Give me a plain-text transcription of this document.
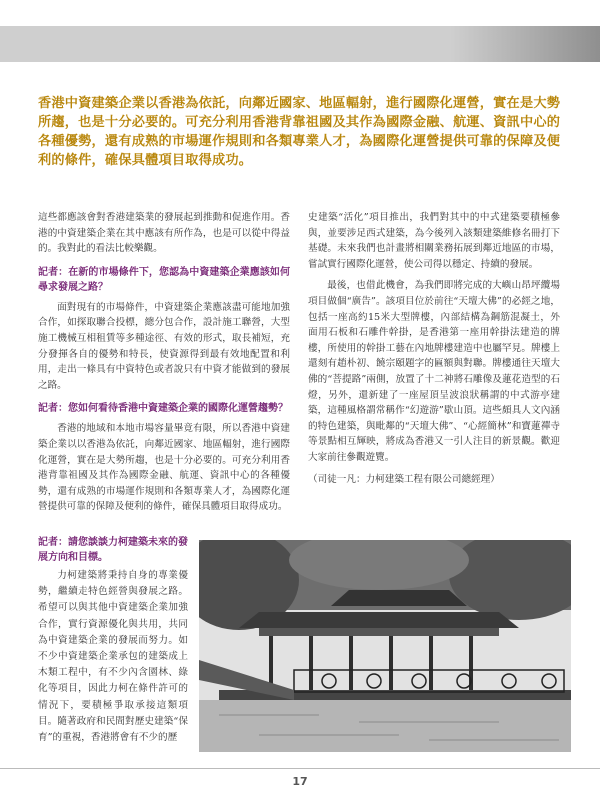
香港中資建築企業以香港為依託，向鄰近國家、地區輻射，進行國際化運營，實在是大勢所趨，也是十分必要的。可充分利用香港背靠祖國及其作為國際金融、航運、資訊中心的各種優勢，還有成熟的市場運作規則和各類專業人才，為國際化運營提供可靠的保障及便利的條件，確保具體項目取得成功。

這些都應該會對香港建築業的發展起到推動和促進作用。香港的中資建築企業在其中應該有所作為，也是可以從中得益的。我對此的看法比較樂觀。

記者：在新的市場條件下，您認為中資建築企業應該如何尋求發展之路？

面對現有的市場條件，中資建築企業應該盡可能地加強合作，如探取聯合投標，總分包合作，設計施工聯營，大型施工機械互相租賃等多種途徑、有效的形式，取長補短，充分發揮各自的優勢和特長，使資源得到最有效地配置和利用，走出一條具有中資特色或者說只有中資才能做到的發展之路。

記者：您如何看待香港中資建築企業的國際化運營趨勢？

香港的地域和本地市場容量畢竟有限，所以香港中資建築企業以以香港為依託，向鄰近國家、地區輻射，進行國際化運營，實在是大勢所趨，也是十分必要的。可充分利用香港背靠祖國及其作為國際金融、航運、資訊中心的各種優勢，還有成熟的市場運作規則和各類專業人才，為國際化運營提供可靠的保障及便利的條件，確保具體項目取得成功。

史建築“活化”項目推出，我們對其中的中式建築要積極參與，並要涉足西式建築，為今後列入該類建築維修名冊打下基礎。未來我們也計畫將相關業務拓展到鄰近地區的市場，嘗試實行國際化運營，使公司得以穩定、持續的發展。

最後，也借此機會，為我們即將完成的大嶼山昂坪纜場項目做個“廣告”。該項目位於前往“天壇大佛”的必經之地，包括一座高約15米大型牌樓，內部結構為鋼筋混凝土，外面用石板和石雕件幹掛，是香港第一座用幹掛法建造的牌樓，所使用的幹掛工藝在內地牌樓建造中也屬罕見。牌樓上還刻有趙朴初、饒宗頤題字的匾額與對聯。牌樓通往天壇大佛的“菩提路”兩側，放置了十二神將石雕像及蓮花造型的石燈，另外，還新建了一座屋頂呈波浪狀稱謂的中式游亭建築，這種風格謂常稱作“幻遊游”歇山頂。這些頗具人文內涵的特色建築，與毗鄰的“天壇大佛”、“心經簡林”和寶蓮禪寺等景點相互輝映，將成為香港又一引人注目的新景觀。歡迎大家前往參觀遊覽。

（司徒一凡：力柯建築工程有限公司總經理）

記者：請您談談力柯建築未來的發展方向和目標。

力柯建築將秉持自身的專業優勢，繼續走特色經營與發展之路。希望可以與其他中資建築企業加強合作，實行資源優化與共用，共同為中資建築企業的發展而努力。如不少中資建築企業承包的建築成上木類工程中，有不少內含園林、綠化等項目，因此力柯在條件許可的情況下，要積極爭取承接這類項目。隨著政府和民間對歷史建築“保育”的重視，香港將會有不少的歷

17
